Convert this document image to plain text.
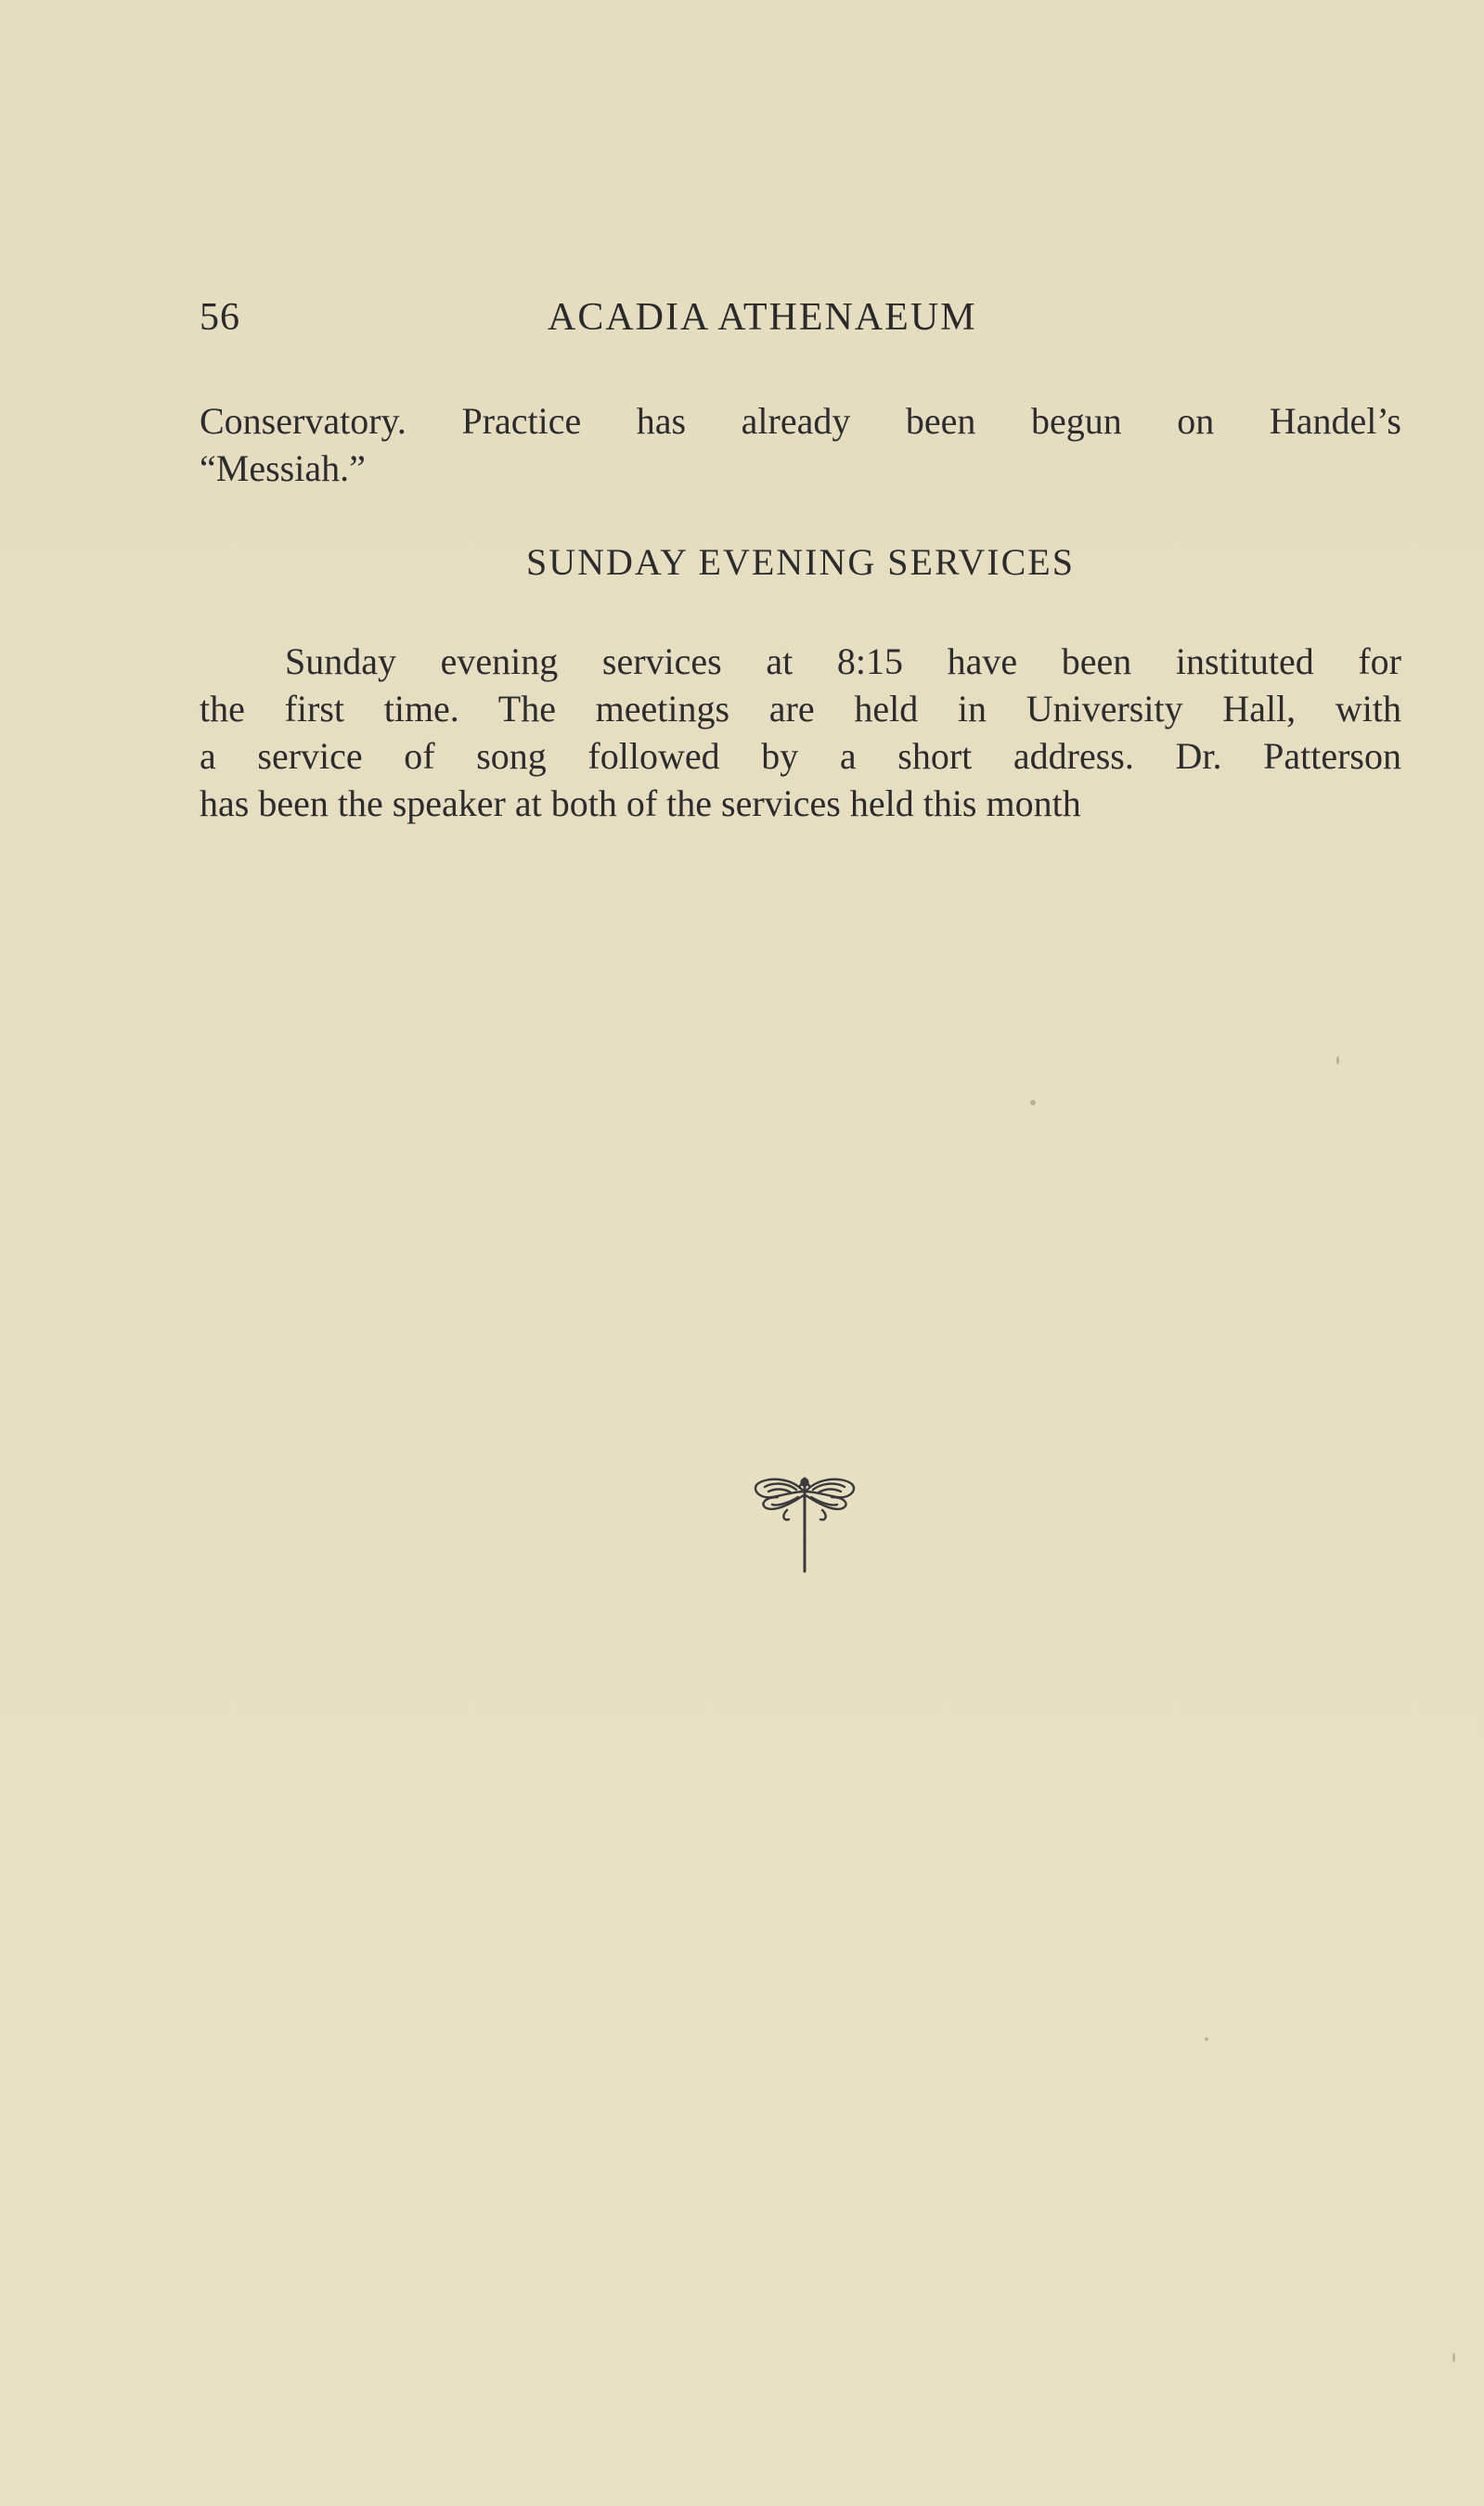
56	ACADIA ATHENAEUM
Conservatory. Practice has already been begun on Handel’s
“Messiah.”
SUNDAY EVENING SERVICES
Sunday evening services at 8:15 have been instituted for
the first time. The meetings are held in University Hall, with
a service of song followed by a short address. Dr. Patterson
has been the speaker at both of the services held this month
